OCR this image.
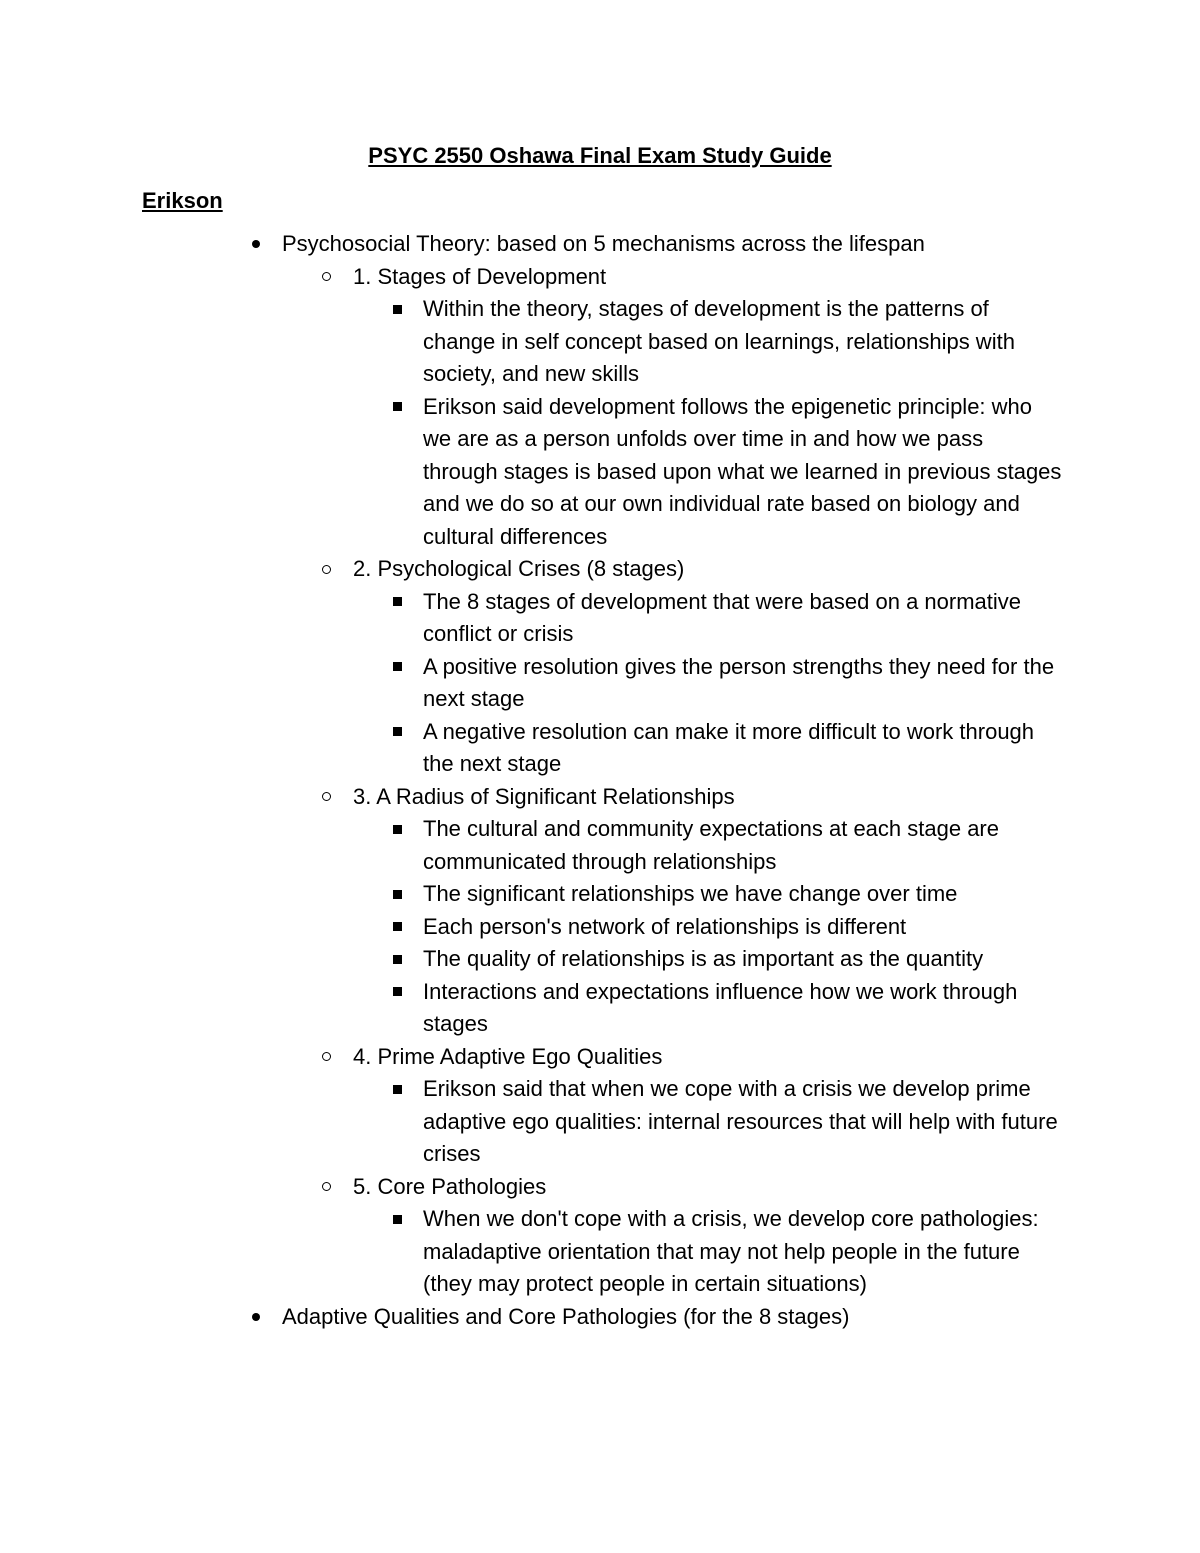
PSYC 2550 Oshawa Final Exam Study Guide
Erikson
Psychosocial Theory: based on 5 mechanisms across the lifespan
1. Stages of Development
Within the theory, stages of development is the patterns of change in self concept based on learnings, relationships with society, and new skills
Erikson said development follows the epigenetic principle: who we are as a person unfolds over time in and how we pass through stages is based upon what we learned in previous stages and we do so at our own individual rate based on biology and cultural differences
2. Psychological Crises (8 stages)
The 8 stages of development that were based on a normative conflict or crisis
A positive resolution gives the person strengths they need for the next stage
A negative resolution can make it more difficult to work through the next stage
3. A Radius of Significant Relationships
The cultural and community expectations at each stage are communicated through relationships
The significant relationships we have change over time
Each person's network of relationships is different
The quality of relationships is as important as the quantity
Interactions and expectations influence how we work through stages
4. Prime Adaptive Ego Qualities
Erikson said that when we cope with a crisis we develop prime adaptive ego qualities: internal resources that will help with future crises
5. Core Pathologies
When we don't cope with a crisis, we develop core pathologies: maladaptive orientation that may not help people in the future (they may protect people in certain situations)
Adaptive Qualities and Core Pathologies (for the 8 stages)
